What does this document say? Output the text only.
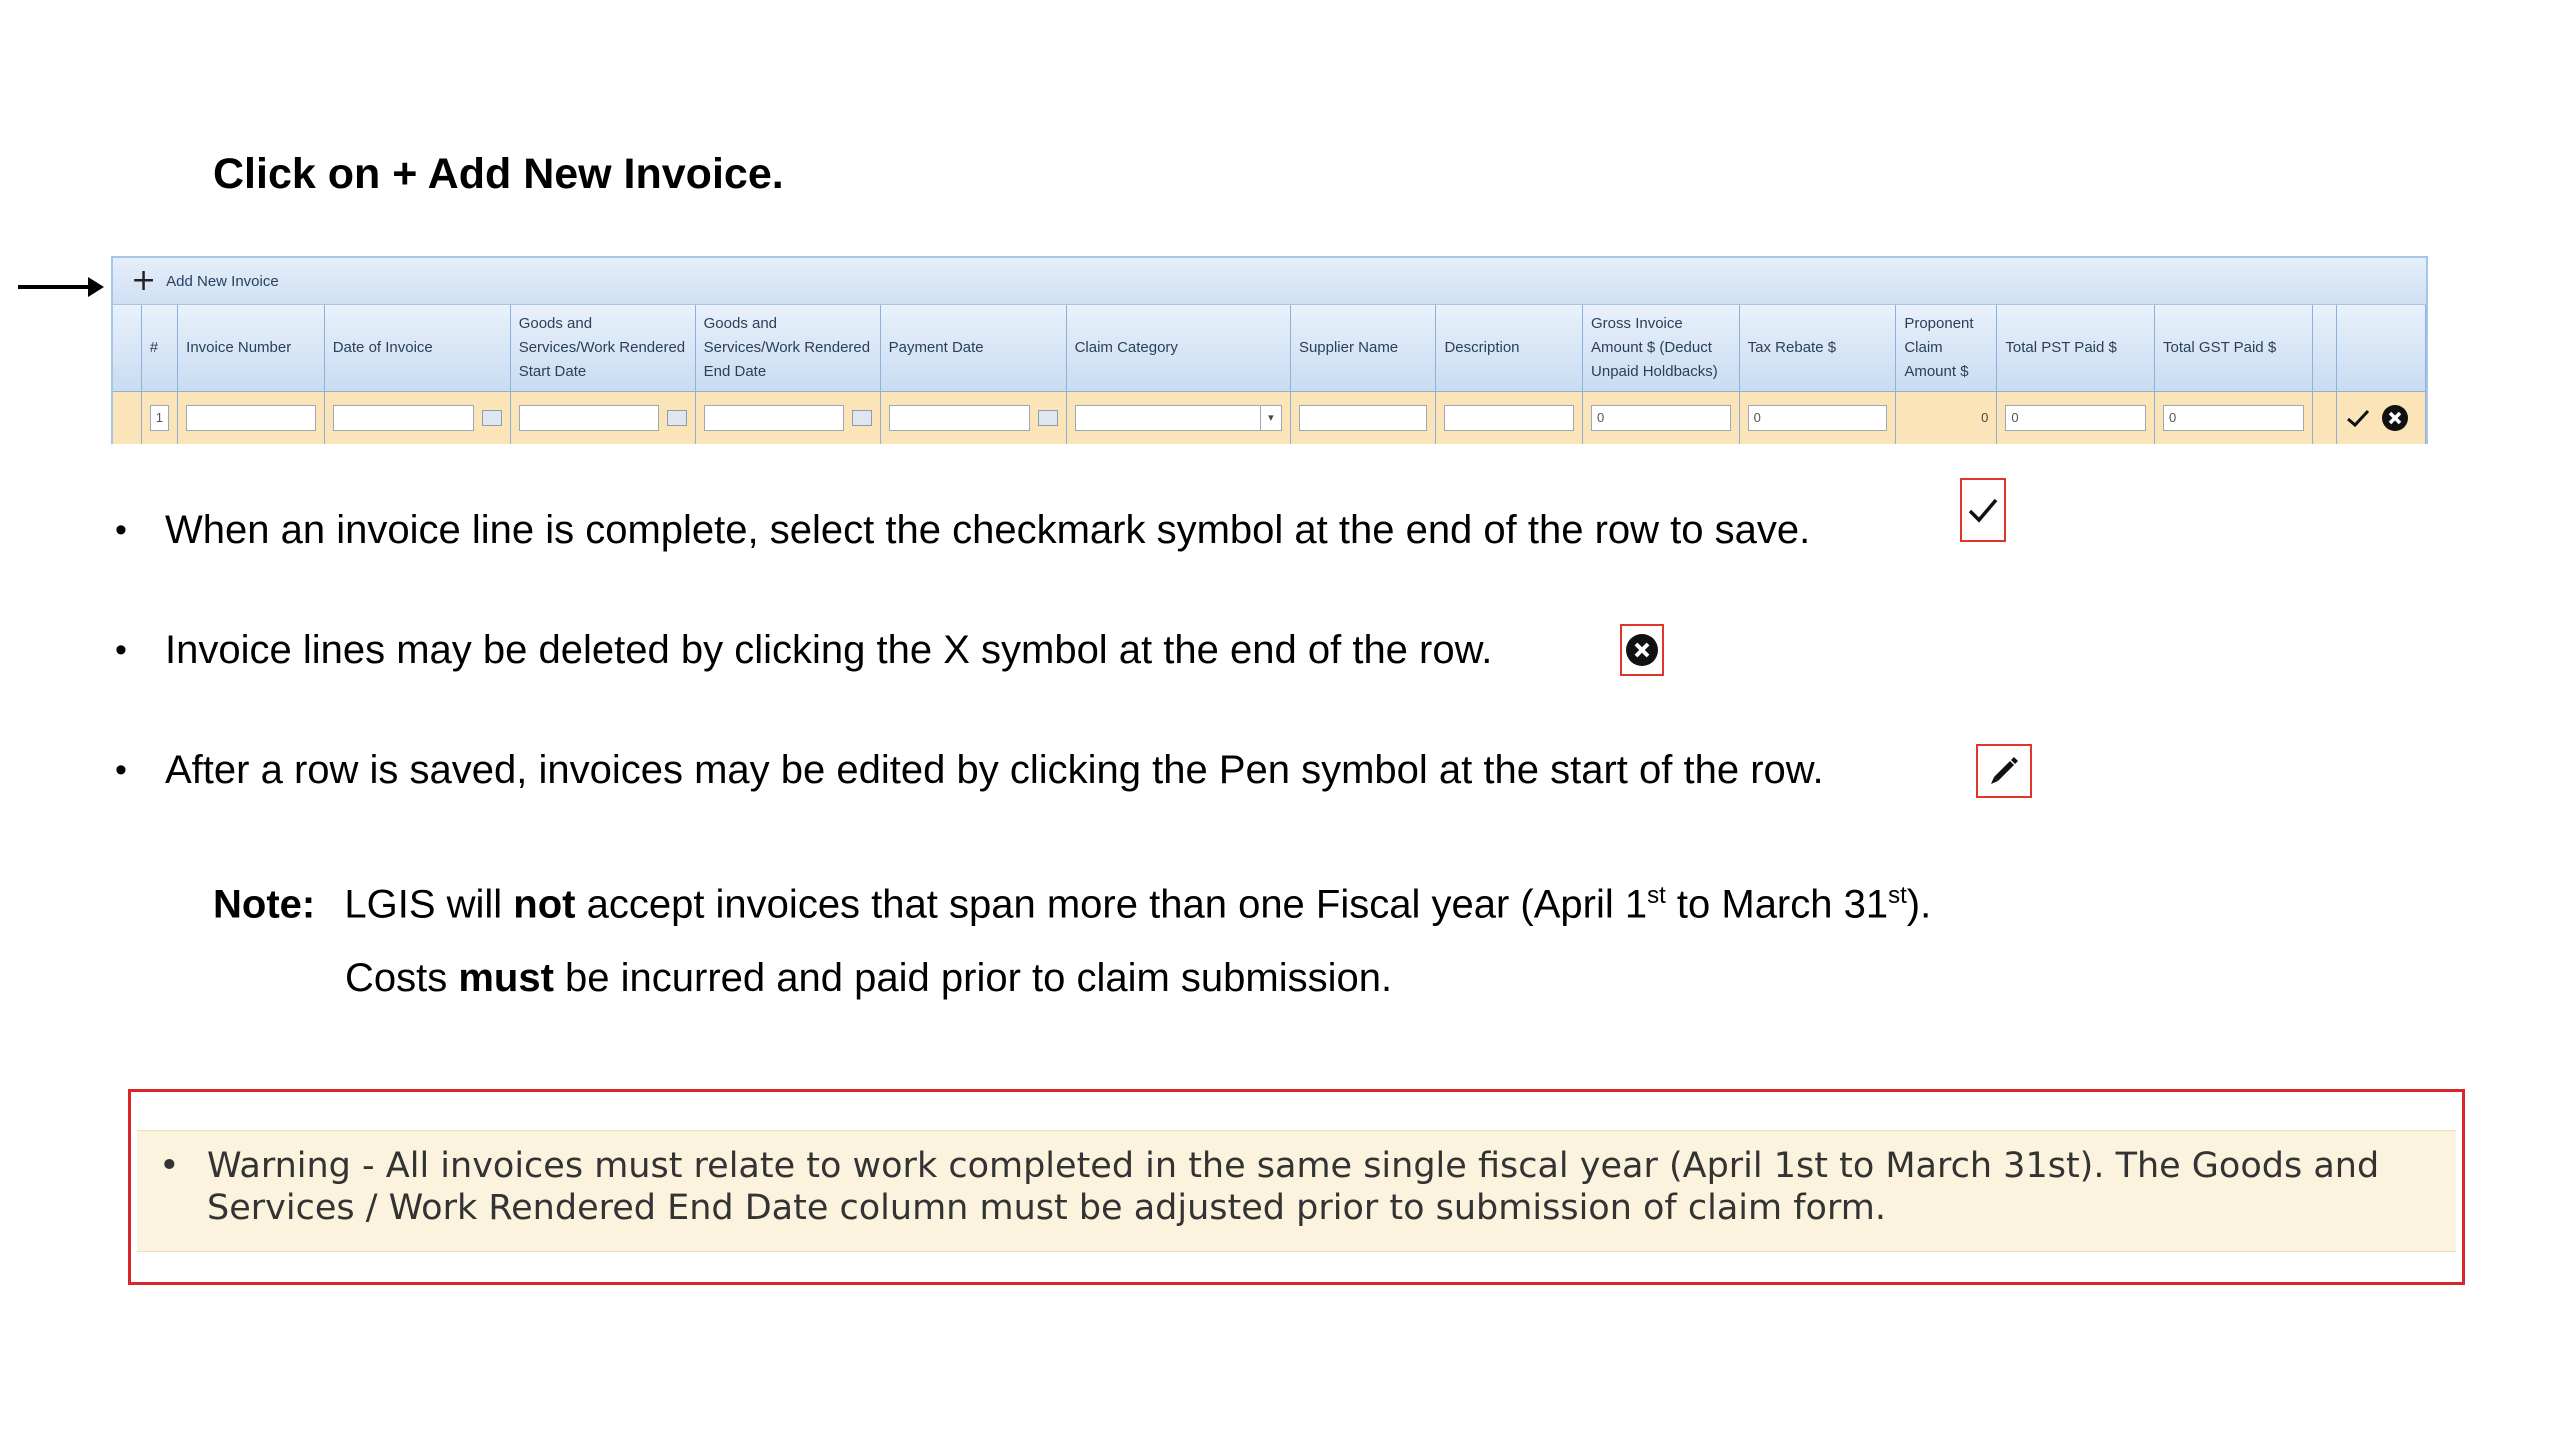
Click on + Add New Invoice.
+ Add New Invoice
	#	Invoice Number	Date of Invoice	Goods and Services/Work Rendered Start Date	Goods and Services/Work Rendered End Date	Payment Date	Claim Category	Supplier Name	Description	Gross Invoice Amount $ (Deduct Unpaid Holdbacks)	Tax Rebate $	Proponent Claim Amount $	Total PST Paid $	Total GST Paid $		

1						▾			0	0	0	0	0

• When an invoice line is complete, select the checkmark symbol at the end of the row to save.
• Invoice lines may be deleted by clicking the X symbol at the end of the row.
• After a row is saved, invoices may be edited by clicking the Pen symbol at the start of the row.
Note: LGIS will not accept invoices that span more than one Fiscal year (April 1st to March 31st).
Costs must be incurred and paid prior to claim submission.
• Warning - All invoices must relate to work completed in the same single fiscal year (April 1st to March 31st). The Goods and
Services / Work Rendered End Date column must be adjusted prior to submission of claim form.
